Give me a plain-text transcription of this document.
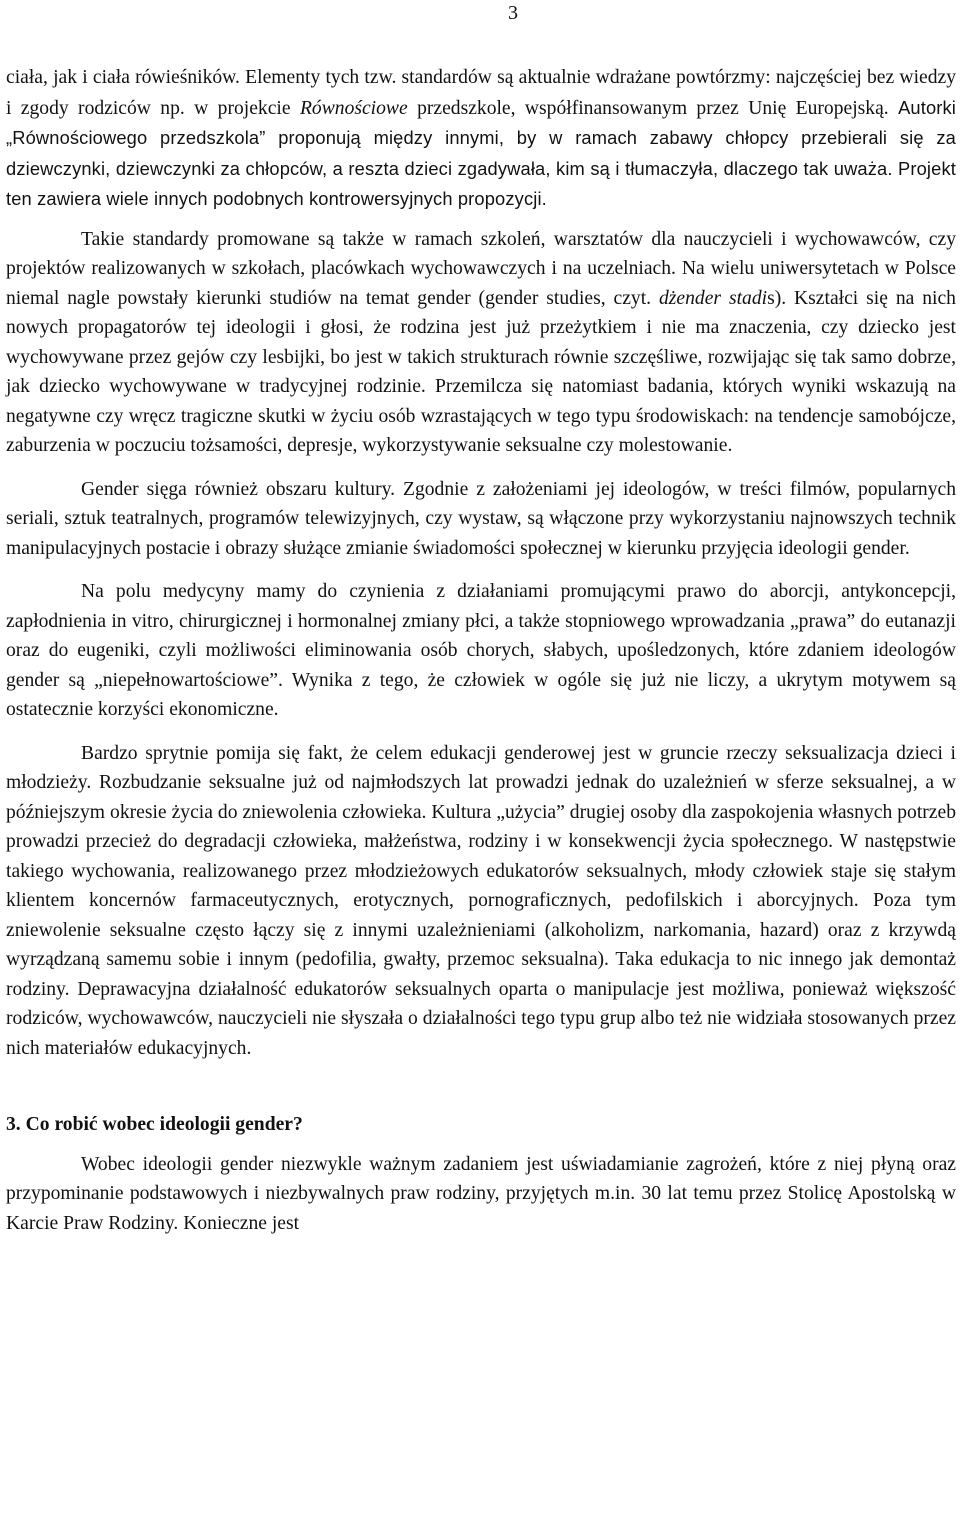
3

ciała, jak i ciała rówieśników. Elementy tych tzw. standardów są aktualnie wdrażane powtórzmy: najczęściej bez wiedzy i zgody rodziców np. w projekcie Równościowe przedszkole, współfinansowanym przez Unię Europejską. Autorki „Równościowego przedszkola” proponują między innymi, by w ramach zabawy chłopcy przebierali się za dziewczynki, dziewczynki za chłopców, a reszta dzieci zgadywała, kim są i tłumaczyła, dlaczego tak uważa. Projekt ten zawiera wiele innych podobnych kontrowersyjnych propozycji.

Takie standardy promowane są także w ramach szkoleń, warsztatów dla nauczycieli i wychowawców, czy projektów realizowanych w szkołach, placówkach wychowawczych i na uczelniach. Na wielu uniwersytetach w Polsce niemal nagle powstały kierunki studiów na temat gender (gender studies, czyt. dżender stadis). Kształci się na nich nowych propagatorów tej ideologii i głosi, że rodzina jest już przeżytkiem i nie ma znaczenia, czy dziecko jest wychowywane przez gejów czy lesbijki, bo jest w takich strukturach równie szczęśliwe, rozwijając się tak samo dobrze, jak dziecko wychowywane w tradycyjnej rodzinie. Przemilcza się natomiast badania, których wyniki wskazują na negatywne czy wręcz tragiczne skutki w życiu osób wzrastających w tego typu środowiskach: na tendencje samobójcze, zaburzenia w poczuciu tożsamości, depresje, wykorzystywanie seksualne czy molestowanie.

Gender sięga również obszaru kultury. Zgodnie z założeniami jej ideologów, w treści filmów, popularnych seriali, sztuk teatralnych, programów telewizyjnych, czy wystaw, są włączone przy wykorzystaniu najnowszych technik manipulacyjnych postacie i obrazy służące zmianie świadomości społecznej w kierunku przyjęcia ideologii gender.

Na polu medycyny mamy do czynienia z działaniami promującymi prawo do aborcji, antykoncepcji, zapłodnienia in vitro, chirurgicznej i hormonalnej zmiany płci, a także stopniowego wprowadzania „prawa” do eutanazji oraz do eugeniki, czyli możliwości eliminowania osób chorych, słabych, upośledzonych, które zdaniem ideologów gender są „niepełnowartościowe”. Wynika z tego, że człowiek w ogóle się już nie liczy, a ukrytym motywem są ostatecznie korzyści ekonomiczne.

Bardzo sprytnie pomija się fakt, że celem edukacji genderowej jest w gruncie rzeczy seksualizacja dzieci i młodzieży. Rozbudzanie seksualne już od najmłodszych lat prowadzi jednak do uzależnień w sferze seksualnej, a w późniejszym okresie życia do zniewolenia człowieka. Kultura „użycia” drugiej osoby dla zaspokojenia własnych potrzeb prowadzi przecież do degradacji człowieka, małżeństwa, rodziny i w konsekwencji życia społecznego. W następstwie takiego wychowania, realizowanego przez młodzieżowych edukatorów seksualnych, młody człowiek staje się stałym klientem koncernów farmaceutycznych, erotycznych, pornograficznych, pedofilskich i aborcyjnych. Poza tym zniewolenie seksualne często łączy się z innymi uzależnieniami (alkoholizm, narkomania, hazard) oraz z krzywdą wyrządzaną samemu sobie i innym (pedofilia, gwałty, przemoc seksualna). Taka edukacja to nic innego jak demontaż rodziny. Deprawacyjna działalność edukatorów seksualnych oparta o manipulacje jest możliwa, ponieważ większość rodziców, wychowawców, nauczycieli nie słyszała o działalności tego typu grup albo też nie widziała stosowanych przez nich materiałów edukacyjnych.

3. Co robić wobec ideologii gender?

Wobec ideologii gender niezwykle ważnym zadaniem jest uświadamianie zagrożeń, które z niej płyną oraz przypominanie podstawowych i niezbywalnych praw rodziny, przyjętych m.in. 30 lat temu przez Stolicę Apostolską w Karcie Praw Rodziny. Konieczne jest
